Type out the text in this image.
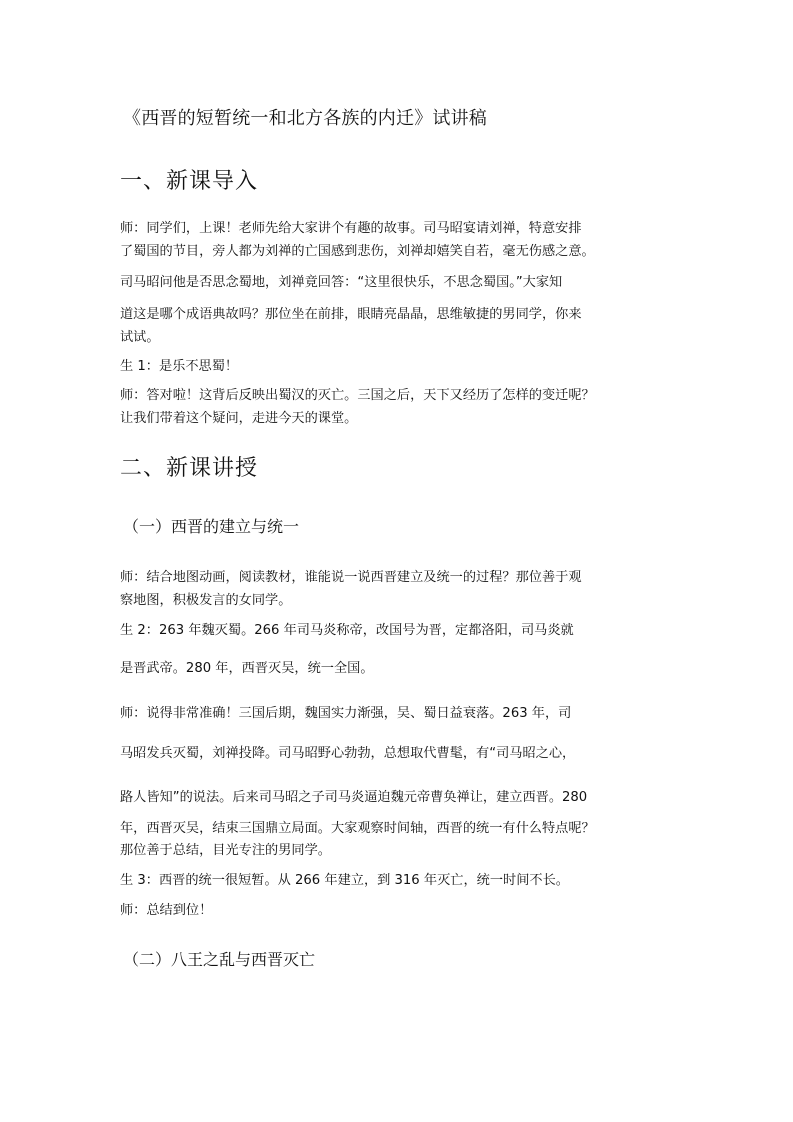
《西晋的短暂统一和北方各族的内迁》试讲稿
一、新课导入
师：同学们，上课！老师先给大家讲个有趣的故事。司马昭宴请刘禅，特意安排
了蜀国的节目，旁人都为刘禅的亡国感到悲伤，刘禅却嬉笑自若，毫无伤感之意。
司马昭问他是否思念蜀地，刘禅竟回答：“这里很快乐，不思念蜀国。”大家知
道这是哪个成语典故吗？那位坐在前排，眼睛亮晶晶，思维敏捷的男同学，你来
试试。
生 1：是乐不思蜀！
师：答对啦！这背后反映出蜀汉的灭亡。三国之后，天下又经历了怎样的变迁呢？
让我们带着这个疑问，走进今天的课堂。
二、新课讲授
（一）西晋的建立与统一
师：结合地图动画，阅读教材，谁能说一说西晋建立及统一的过程？那位善于观
察地图，积极发言的女同学。
生 2：263 年魏灭蜀。266 年司马炎称帝，改国号为晋，定都洛阳，司马炎就
是晋武帝。280 年，西晋灭吴，统一全国。
师：说得非常准确！三国后期，魏国实力渐强，吴、蜀日益衰落。263 年，司
马昭发兵灭蜀，刘禅投降。司马昭野心勃勃，总想取代曹髦，有“司马昭之心，
路人皆知”的说法。后来司马昭之子司马炎逼迫魏元帝曹奂禅让，建立西晋。280
年，西晋灭吴，结束三国鼎立局面。大家观察时间轴，西晋的统一有什么特点呢？
那位善于总结，目光专注的男同学。
生 3：西晋的统一很短暂。从 266 年建立，到 316 年灭亡，统一时间不长。
师：总结到位！
（二）八王之乱与西晋灭亡
